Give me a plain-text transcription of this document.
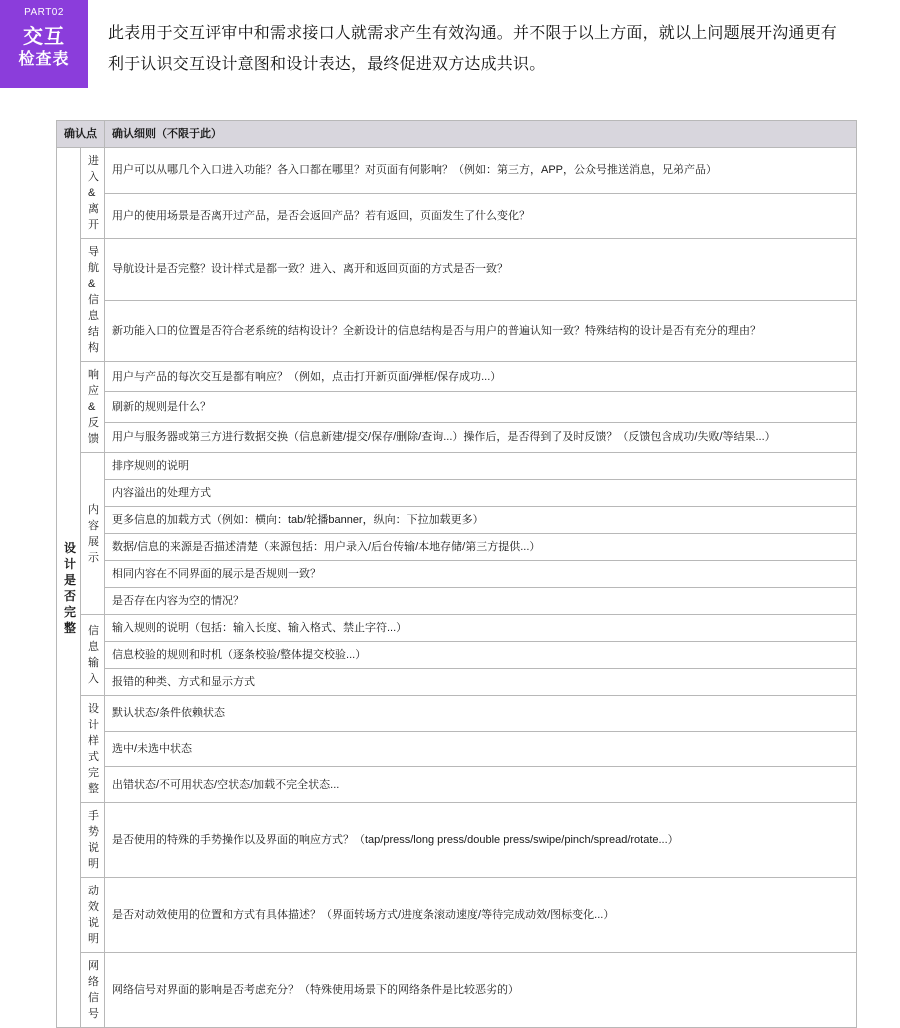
PART02
交互
检查表
此表用于交互评审中和需求接口人就需求产生有效沟通。并不限于以上方面，就以上问题展开沟通更有利于认识交互设计意图和设计表达，最终促进双方达成共识。
确认点		确认细则（不限于此）
设计是否完整	进入&离开	用户可以从哪几个入口进入功能？各入口都在哪里？对页面有何影响？（例如：第三方，APP，公众号推送消息，兄弟产品）
		用户的使用场景是否离开过产品，是否会返回产品？若有返回，页面发生了什么变化？
	导航&信息结构	导航设计是否完整？设计样式是都一致？进入、离开和返回页面的方式是否一致？
		新功能入口的位置是否符合老系统的结构设计？全新设计的信息结构是否与用户的普遍认知一致？特殊结构的设计是否有充分的理由？
	响应&反馈	用户与产品的每次交互是都有响应？（例如，点击打开新页面/弹框/保存成功...）
		刷新的规则是什么？
		用户与服务器或第三方进行数据交换（信息新建/提交/保存/删除/查询...）操作后，是否得到了及时反馈？（反馈包含成功/失败/等结果...）
	内容展示	排序规则的说明
		内容溢出的处理方式
		更多信息的加载方式（例如：横向：tab/轮播banner，纵向：下拉加载更多）
		数据/信息的来源是否描述清楚（来源包括：用户录入/后台传输/本地存储/第三方提供...）
		相同内容在不同界面的展示是否规则一致？
		是否存在内容为空的情况？
	信息输入	输入规则的说明（包括：输入长度、输入格式、禁止字符...）
		信息校验的规则和时机（逐条校验/整体提交校验...）
		报错的种类、方式和显示方式
	设计样式完整	默认状态/条件依赖状态
		选中/未选中状态
		出错状态/不可用状态/空状态/加载不完全状态...
	手势说明	是否使用的特殊的手势操作以及界面的响应方式？（tap/press/long press/double press/swipe/pinch/spread/rotate...）
	动效说明	是否对动效使用的位置和方式有具体描述？（界面转场方式/进度条滚动速度/等待完成动效/图标变化...）
	网络信号	网络信号对界面的影响是否考虑充分？（特殊使用场景下的网络条件是比较恶劣的）
